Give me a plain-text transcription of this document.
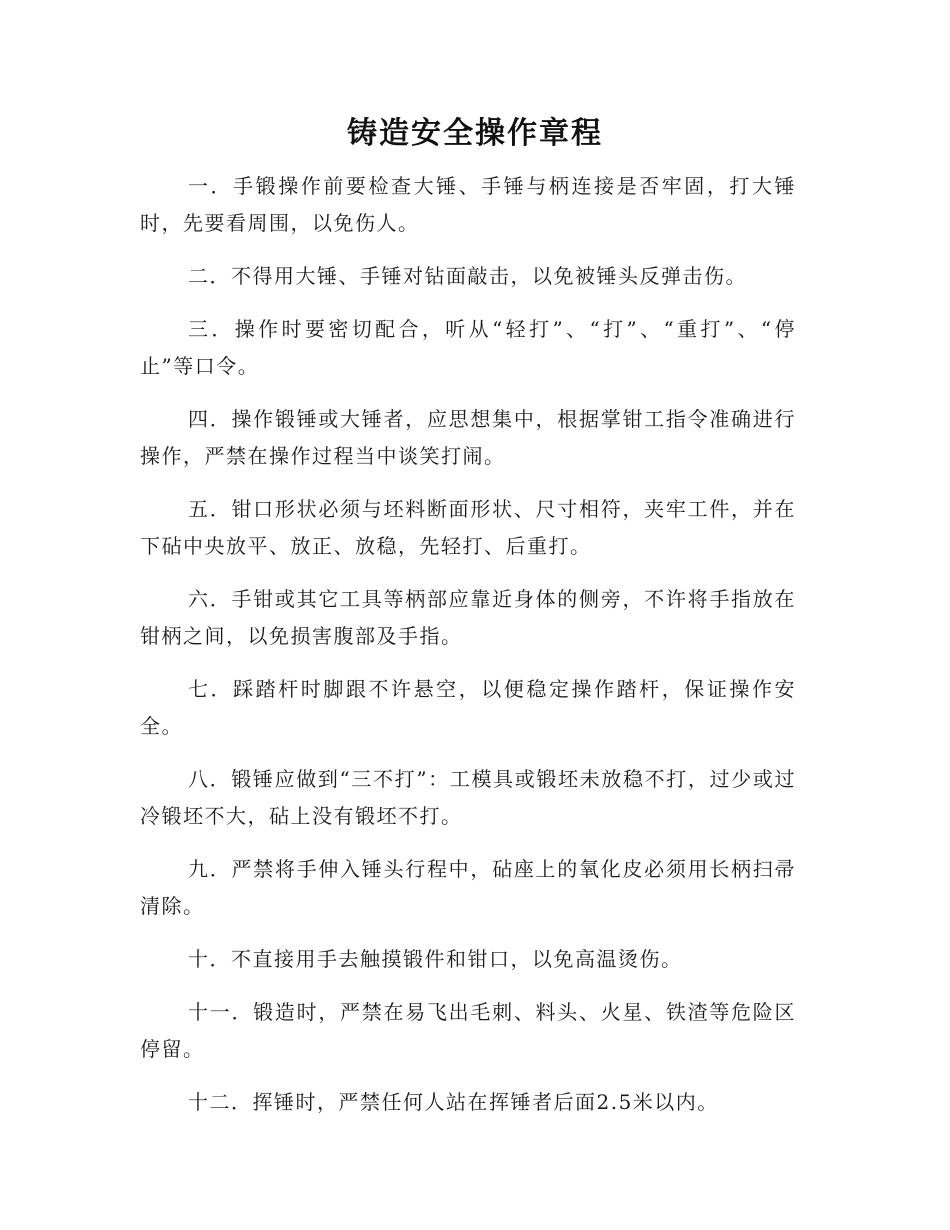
铸造安全操作章程

一．手锻操作前要检查大锤、手锤与柄连接是否牢固，打大锤时，先要看周围，以免伤人。

二．不得用大锤、手锤对钻面敲击，以免被锤头反弹击伤。

三．操作时要密切配合，听从“轻打”、“打”、“重打”、“停止”等口令。

四．操作锻锤或大锤者，应思想集中，根据掌钳工指令准确进行操作，严禁在操作过程当中谈笑打闹。

五．钳口形状必须与坯料断面形状、尺寸相符，夹牢工件，并在下砧中央放平、放正、放稳，先轻打、后重打。

六．手钳或其它工具等柄部应靠近身体的侧旁，不许将手指放在钳柄之间，以免损害腹部及手指。

七．踩踏杆时脚跟不许悬空，以便稳定操作踏杆，保证操作安全。

八．锻锤应做到“三不打”：工模具或锻坯未放稳不打，过少或过冷锻坯不大，砧上没有锻坯不打。

九．严禁将手伸入锤头行程中，砧座上的氧化皮必须用长柄扫帚清除。

十．不直接用手去触摸锻件和钳口，以免高温烫伤。

十一．锻造时，严禁在易飞出毛刺、料头、火星、铁渣等危险区停留。

十二．挥锤时，严禁任何人站在挥锤者后面2.5米以内。
